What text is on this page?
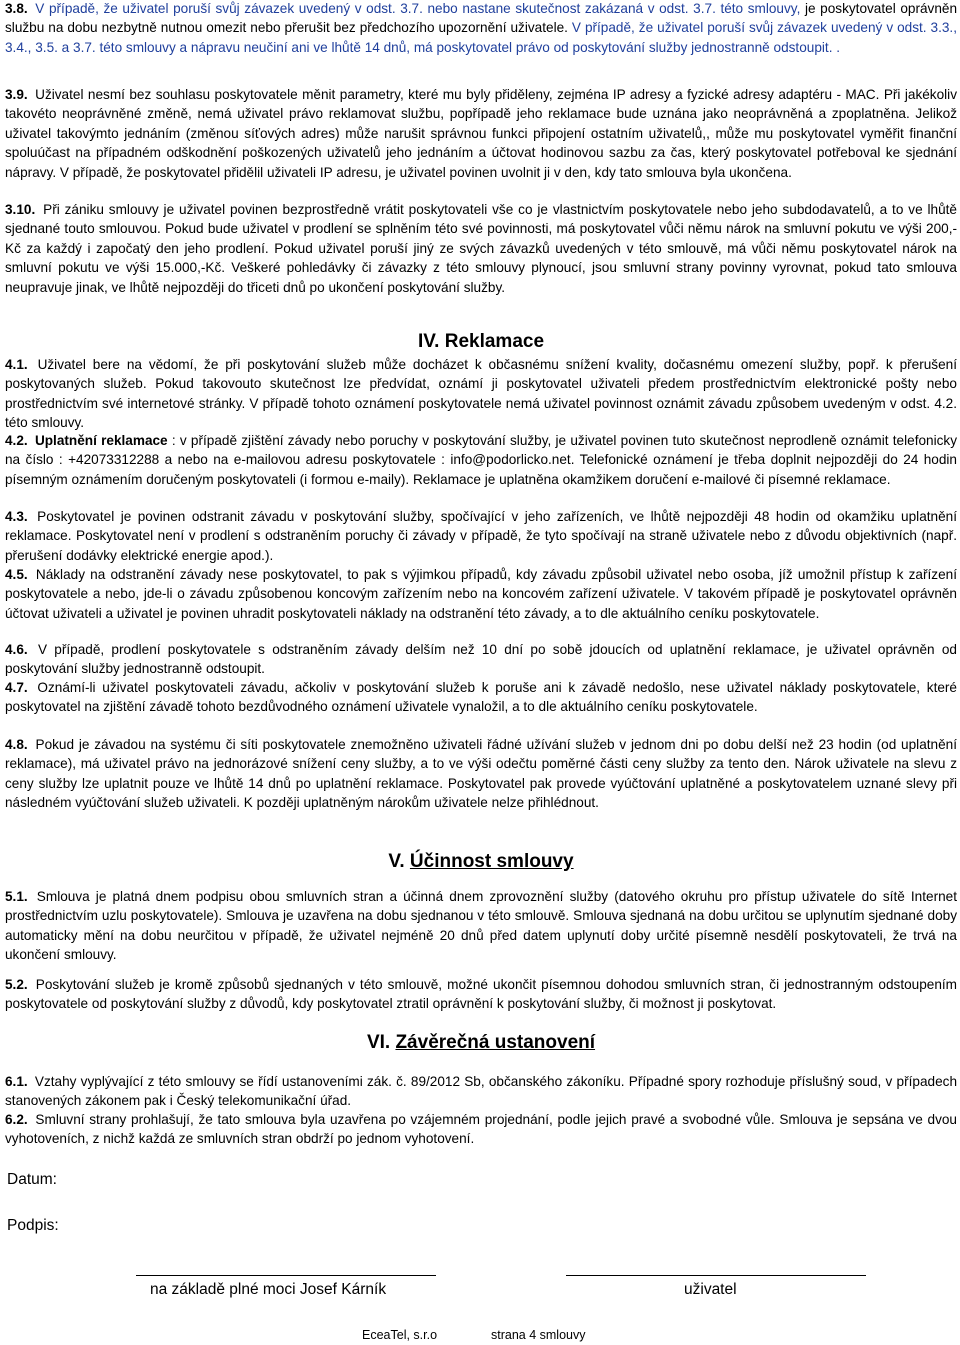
3.8. V případě, že uživatel poruší svůj závazek uvedený v odst. 3.7. nebo nastane skutečnost zakázaná v odst. 3.7. této smlouvy, je poskytovatel oprávněn službu na dobu nezbytně nutnou omezit nebo přerušit bez předchozího upozornění uživatele. V případě, že uživatel poruší svůj závazek uvedený v odst. 3.3., 3.4., 3.5. a 3.7. této smlouvy a nápravu neučiní ani ve lhůtě 14 dnů, má poskytovatel právo od poskytování služby jednostranně odstoupit. .

3.9. Uživatel nesmí bez souhlasu poskytovatele měnit parametry, které mu byly přiděleny, zejména IP adresy a fyzické adresy adaptéru - MAC. Při jakékoliv takovéto neoprávněné změně, nemá uživatel právo reklamovat službu, popřípadě jeho reklamace bude uznána jako neoprávněná a zpoplatněna. Jelikož uživatel takovýmto jednáním (změnou síťových adres) může narušit správnou funkci připojení ostatním uživatelů,, může mu poskytovatel vyměřit finanční spoluúčast na případném odškodnění poškozených uživatelů jeho jednáním a účtovat hodinovou sazbu za čas, který poskytovatel potřeboval ke sjednání nápravy. V případě, že poskytovatel přidělil uživateli IP adresu, je uživatel povinen uvolnit ji v den, kdy tato smlouva byla ukončena.

3.10. Při zániku smlouvy je uživatel povinen bezprostředně vrátit poskytovateli vše co je vlastnictvím poskytovatele nebo jeho subdodavatelů, a to ve lhůtě sjednané touto smlouvou. Pokud bude uživatel v prodlení se splněním této své povinnosti, má poskytovatel vůči němu nárok na smluvní pokutu ve výši 200,-Kč za každý i započatý den jeho prodlení. Pokud uživatel poruší jiný ze svých závazků uvedených v této smlouvě, má vůči němu poskytovatel nárok na smluvní pokutu ve výši 15.000,-Kč. Veškeré pohledávky či závazky z této smlouvy plynoucí, jsou smluvní strany povinny vyrovnat, pokud tato smlouva neupravuje jinak, ve lhůtě nejpozději do třiceti dnů po ukončení poskytování služby.

IV. Reklamace

4.1. Uživatel bere na vědomí, že při poskytování služeb může docházet k občasnému snížení kvality, dočasnému omezení služby, popř. k přerušení poskytovaných služeb. Pokud takovouto skutečnost lze předvídat, oznámí ji poskytovatel uživateli předem prostřednictvím elektronické pošty nebo prostřednictvím své internetové stránky. V případě tohoto oznámení poskytovatele nemá uživatel povinnost oznámit závadu způsobem uvedeným v odst. 4.2. této smlouvy.

4.2. Uplatnění reklamace : v případě zjištění závady nebo poruchy v poskytování služby, je uživatel povinen tuto skutečnost neprodleně oznámit telefonicky na číslo : +42073312288 a nebo na e-mailovou adresu poskytovatele : info@podorlicko.net. Telefonické oznámení je třeba doplnit nejpozději do 24 hodin písemným oznámením doručeným poskytovateli (i formou e-maily). Reklamace je uplatněna okamžikem doručení e-mailové či písemné reklamace.

4.3. Poskytovatel je povinen odstranit závadu v poskytování služby, spočívající v jeho zařízeních, ve lhůtě nejpozději 48 hodin od okamžiku uplatnění reklamace. Poskytovatel není v prodlení s odstraněním poruchy či závady v případě, že tyto spočívají na straně uživatele nebo z důvodu objektivních (např. přerušení dodávky elektrické energie apod.).

4.5. Náklady na odstranění závady nese poskytovatel, to pak s výjimkou případů, kdy závadu způsobil uživatel nebo osoba, jíž umožnil přístup k zařízení poskytovatele a nebo, jde-li o závadu způsobenou koncovým zařízením nebo na koncovém zařízení uživatele. V takovém případě je poskytovatel oprávněn účtovat uživateli a uživatel je povinen uhradit poskytovateli náklady na odstranění této závady, a to dle aktuálního ceníku poskytovatele.

4.6. V případě, prodlení poskytovatele s odstraněním závady delším než 10 dní po sobě jdoucích od uplatnění reklamace, je uživatel oprávněn od poskytování služby jednostranně odstoupit.

4.7. Oznámí-li uživatel poskytovateli závadu, ačkoliv v poskytování služeb k poruše ani k závadě nedošlo, nese uživatel náklady poskytovatele, které poskytovatel na zjištění závadě tohoto bezdůvodného oznámení uživatele vynaložil, a to dle aktuálního ceníku poskytovatele.

4.8. Pokud je závadou na systému či síti poskytovatele znemožněno uživateli řádné užívání služeb v jednom dni po dobu delší než 23 hodin (od uplatnění reklamace), má uživatel právo na jednorázové snížení ceny služby, a to ve výši odečtu poměrné části ceny služby za tento den. Nárok uživatele na slevu z ceny služby lze uplatnit pouze ve lhůtě 14 dnů po uplatnění reklamace. Poskytovatel pak provede vyúčtování uplatněné a poskytovatelem uznané slevy při následném vyúčtování služeb uživateli. K později uplatněným nárokům uživatele nelze přihlédnout.

V. Účinnost smlouvy

5.1. Smlouva je platná dnem podpisu obou smluvních stran a účinná dnem zprovoznění služby (datového okruhu pro přístup uživatele do sítě Internet prostřednictvím uzlu poskytovatele). Smlouva je uzavřena na dobu sjednanou v této smlouvě. Smlouva sjednaná na dobu určitou se uplynutím sjednané doby automaticky mění na dobu neurčitou v případě, že uživatel nejméně 20 dnů před datem uplynutí doby určité písemně nesdělí poskytovateli, že trvá na ukončení smlouvy.

5.2. Poskytování služeb je kromě způsobů sjednaných v této smlouvě, možné ukončit písemnou dohodou smluvních stran, či jednostranným odstoupením poskytovatele od poskytování služby z důvodů, kdy poskytovatel ztratil oprávnění k poskytování služby, či možnost ji poskytovat.

VI. Závěrečná ustanovení

6.1. Vztahy vyplývající z této smlouvy se řídí ustanoveními zák. č. 89/2012 Sb, občanského zákoníku. Případné spory rozhoduje příslušný soud, v případech stanovených zákonem pak i Český telekomunikační úřad.

6.2. Smluvní strany prohlašují, že tato smlouva byla uzavřena po vzájemném projednání, podle jejich pravé a svobodné vůle. Smlouva je sepsána ve dvou vyhotoveních, z nichž každá ze smluvních stran obdrží po jednom vyhotovení.

Datum:
Podpis:
na základě plné moci Josef Kárník	uživatel
EceaTel, s.r.o	strana 4 smlouvy
